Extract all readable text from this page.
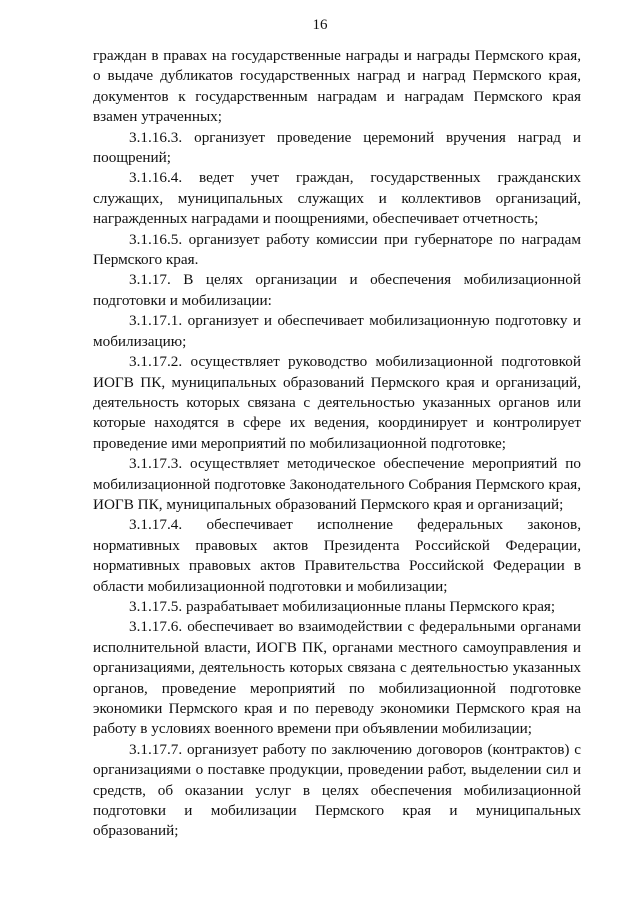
16

граждан в правах на государственные награды и награды Пермского края, о выдаче дубликатов государственных наград и наград Пермского края, документов к государственным наградам и наградам Пермского края взамен утраченных;

3.1.16.3. организует проведение церемоний вручения наград и поощрений;

3.1.16.4. ведет учет граждан, государственных гражданских служащих, муниципальных служащих и коллективов организаций, награжденных наградами и поощрениями, обеспечивает отчетность;

3.1.16.5. организует работу комиссии при губернаторе по наградам Пермского края.

3.1.17. В целях организации и обеспечения мобилизационной подготовки и мобилизации:

3.1.17.1. организует и обеспечивает мобилизационную подготовку и мобилизацию;

3.1.17.2. осуществляет руководство мобилизационной подготовкой ИОГВ ПК, муниципальных образований Пермского края и организаций, деятельность которых связана с деятельностью указанных органов или которые находятся в сфере их ведения, координирует и контролирует проведение ими мероприятий по мобилизационной подготовке;

3.1.17.3. осуществляет методическое обеспечение мероприятий по мобилизационной подготовке Законодательного Собрания Пермского края, ИОГВ ПК, муниципальных образований Пермского края и организаций;

3.1.17.4. обеспечивает исполнение федеральных законов, нормативных правовых актов Президента Российской Федерации, нормативных правовых актов Правительства Российской Федерации в области мобилизационной подготовки и мобилизации;

3.1.17.5. разрабатывает мобилизационные планы Пермского края;

3.1.17.6. обеспечивает во взаимодействии с федеральными органами исполнительной власти, ИОГВ ПК, органами местного самоуправления и организациями, деятельность которых связана с деятельностью указанных органов, проведение мероприятий по мобилизационной подготовке экономики Пермского края и по переводу экономики Пермского края на работу в условиях военного времени при объявлении мобилизации;

3.1.17.7. организует работу по заключению договоров (контрактов) с организациями о поставке продукции, проведении работ, выделении сил и средств, об оказании услуг в целях обеспечения мобилизационной подготовки и мобилизации Пермского края и муниципальных образований;
